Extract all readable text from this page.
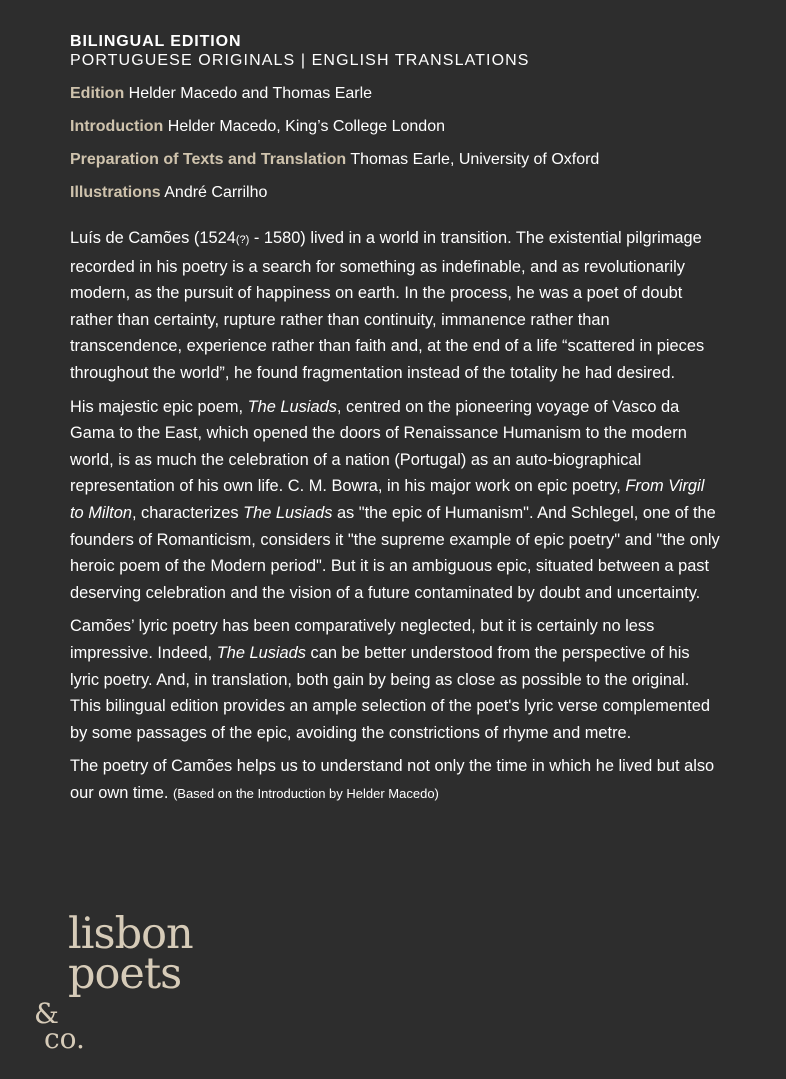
BILINGUAL EDITION

PORTUGUESE ORIGINALS | ENGLISH TRANSLATIONS

Edition Helder Macedo and Thomas Earle

Introduction Helder Macedo, King’s College London

Preparation of Texts and Translation Thomas Earle, University of Oxford

Illustrations André Carrilho

Luís de Camões (1524(?) - 1580) lived in a world in transition. The existential pilgrimage recorded in his poetry is a search for something as indefinable, and as revolutionarily modern, as the pursuit of happiness on earth. In the process, he was a poet of doubt rather than certainty, rupture rather than continuity, immanence rather than transcendence, experience rather than faith and, at the end of a life “scattered in pieces throughout the world”, he found fragmentation instead of the totality he had desired.

His majestic epic poem, The Lusiads, centred on the pioneering voyage of Vasco da Gama to the East, which opened the doors of Renaissance Humanism to the modern world, is as much the celebration of a nation (Portugal) as an auto-biographical representation of his own life. C. M. Bowra, in his major work on epic poetry, From Virgil to Milton, characterizes The Lusiads as "the epic of Humanism". And Schlegel, one of the founders of Romanticism, considers it "the supreme example of epic poetry" and "the only heroic poem of the Modern period". But it is an ambiguous epic, situated between a past deserving celebration and the vision of a future contaminated by doubt and uncertainty.

Camões’ lyric poetry has been comparatively neglected, but it is certainly no less impressive. Indeed, The Lusiads can be better understood from the perspective of his lyric poetry. And, in translation, both gain by being as close as possible to the original. This bilingual edition provides an ample selection of the poet's lyric verse complemented by some passages of the epic, avoiding the constrictions of rhyme and metre.

The poetry of Camões helps us to understand not only the time in which he lived but also our own time. (Based on the Introduction by Helder Macedo)

lisbon
poets
&
co.
